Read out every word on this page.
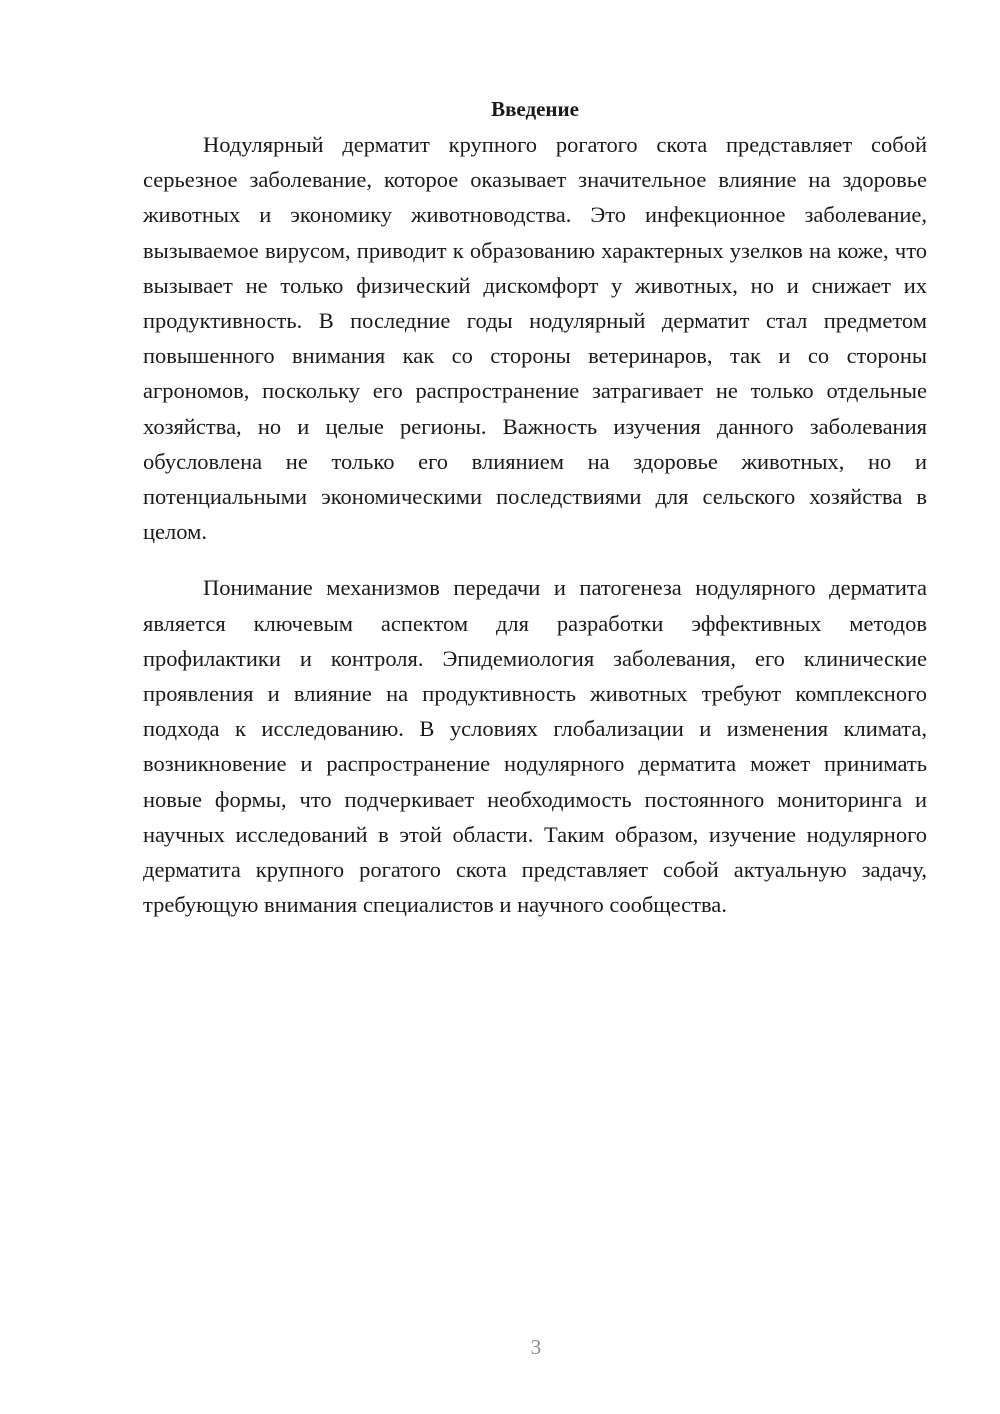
Введение

Нодулярный дерматит крупного рогатого скота представляет собой серьезное заболевание, которое оказывает значительное влияние на здоровье животных и экономику животноводства. Это инфекционное заболевание, вызываемое вирусом, приводит к образованию характерных узелков на коже, что вызывает не только физический дискомфорт у животных, но и снижает их продуктивность. В последние годы нодулярный дерматит стал предметом повышенного внимания как со стороны ветеринаров, так и со стороны агрономов, поскольку его распространение затрагивает не только отдельные хозяйства, но и целые регионы. Важность изучения данного заболевания обусловлена не только его влиянием на здоровье животных, но и потенциальными экономическими последствиями для сельского хозяйства в целом.

Понимание механизмов передачи и патогенеза нодулярного дерматита является ключевым аспектом для разработки эффективных методов профилактики и контроля. Эпидемиология заболевания, его клинические проявления и влияние на продуктивность животных требуют комплексного подхода к исследованию. В условиях глобализации и изменения климата, возникновение и распространение нодулярного дерматита может принимать новые формы, что подчеркивает необходимость постоянного мониторинга и научных исследований в этой области. Таким образом, изучение нодулярного дерматита крупного рогатого скота представляет собой актуальную задачу, требующую внимания специалистов и научного сообщества.

3
